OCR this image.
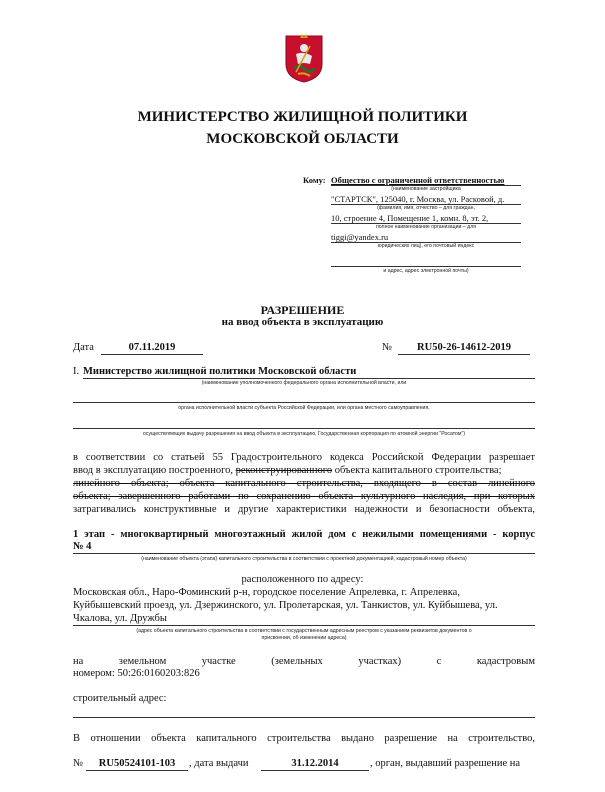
МИНИСТЕРСТВО ЖИЛИЩНОЙ ПОЛИТИКИ
МОСКОВСКОЙ ОБЛАСТИ
Кому: Общество с ограниченной ответственностью
(наименование застройщика
"СТАРТСК", 125040, г. Москва, ул. Расковой, д.
(фамилия, имя, отчество – для граждан,
10, строение 4, Помещение 1, комн. 8, эт. 2,
полное наименование организации – для
tiggi@yandex.ru
юридических лиц), его почтовый индекс
и адрес, адрес электронной почты)
РАЗРЕШЕНИЕ
на ввод объекта в эксплуатацию
Дата	07.11.2019	№	RU50-26-14612-2019
I. Министерство жилищной политики Московской области
(наименование уполномоченного федерального органа исполнительной власти, или
органа исполнительной власти субъекта Российской Федерации, или органа местного самоуправления,
осуществляющих выдачу разрешения на ввод объекта в эксплуатацию, Государственная корпорация по атомной энергии "Росатом")
в соответствии со статьей 55 Градостроительного кодекса Российской Федерации разрешает
ввод в эксплуатацию построенного, реконструированного объекта капитального строительства;
линейного объекта; объекта капитального строительства, входящего в состав линейного
объекта; завершенного работами по сохранению объекта культурного наследия, при которых
затрагивались конструктивные и другие характеристики надежности и безопасности объекта,
1 этап - многоквартирный многоэтажный жилой дом с нежилыми помещениями - корпус
№ 4
(наименование объекта (этапа) капитального строительства в соответствии с проектной документацией, кадастровый номер объекта)
расположенного по адресу:
Московская обл., Наро-Фоминский р-н, городское поселение Апрелевка, г. Апрелевка,
Куйбышевский проезд, ул. Дзержинского, ул. Пролетарская, ул. Танкистов, ул. Куйбышева, ул.
Чкалова, ул. Дружбы
(адрес объекта капитального строительства в соответствии с государственным адресным реестром с указанием реквизитов документов о
присвоении, об изменении адреса)
на	земельном	участке	(земельных	участках)	с	кадастровым
номером: 50:26:0160203:826
строительный адрес:
В отношении объекта капитального строительства выдано разрешение на строительство,
№	RU50524101-103	, дата выдачи	31.12.2014	, орган, выдавший разрешение на
